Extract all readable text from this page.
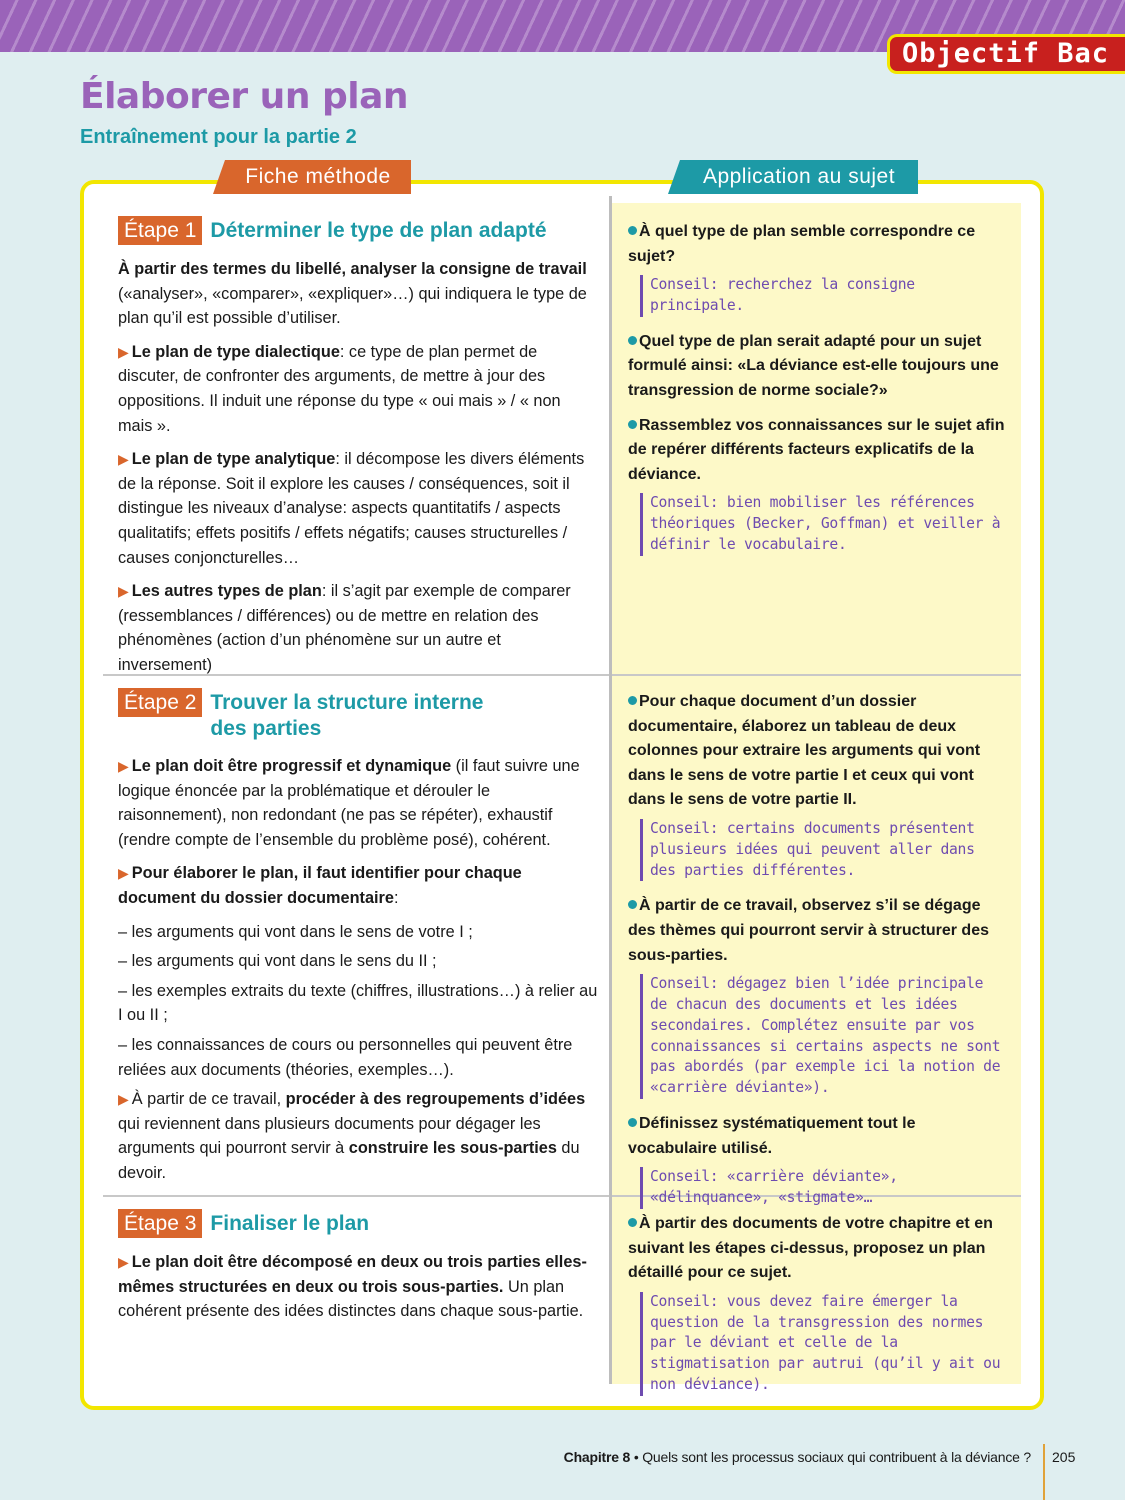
Objectif Bac
Élaborer un plan
Entraînement pour la partie 2
Fiche méthode	Application au sujet
Étape 1 Déterminer le type de plan adapté

À partir des termes du libellé, analyser la consigne de travail («analyser», «comparer», «expliquer»…) qui indiquera le type de plan qu’il est possible d’utiliser.

▶ Le plan de type dialectique: ce type de plan permet de discuter, de confronter des arguments, de mettre à jour des oppositions. Il induit une réponse du type « oui mais » / « non mais ».

▶ Le plan de type analytique: il décompose les divers éléments de la réponse. Soit il explore les causes / conséquences, soit il distingue les niveaux d’analyse: aspects quantitatifs / aspects qualitatifs; effets positifs / effets négatifs; causes structurelles / causes conjoncturelles…

▶ Les autres types de plan: il s’agit par exemple de comparer (ressemblances / différences) ou de mettre en relation des phénomènes (action d’un phénomène sur un autre et inversement)

Étape 2 Trouver la structure interne des parties

▶ Le plan doit être progressif et dynamique (il faut suivre une logique énoncée par la problématique et dérouler le raisonnement), non redondant (ne pas se répéter), exhaustif (rendre compte de l’ensemble du problème posé), cohérent.

▶ Pour élaborer le plan, il faut identifier pour chaque document du dossier documentaire:

– les arguments qui vont dans le sens de votre I ;

– les arguments qui vont dans le sens du II ;

– les exemples extraits du texte (chiffres, illustrations…) à relier au I ou II ;

– les connaissances de cours ou personnelles qui peuvent être reliées aux documents (théories, exemples…).

▶ À partir de ce travail, procéder à des regroupements d’idées qui reviennent dans plusieurs documents pour dégager les arguments qui pourront servir à construire les sous-parties du devoir.

Étape 3 Finaliser le plan

▶ Le plan doit être décomposé en deux ou trois parties elles-mêmes structurées en deux ou trois sous-parties. Un plan cohérent présente des idées distinctes dans chaque sous-partie.

À quel type de plan semble correspondre ce sujet?

Conseil: recherchez la consigne principale.

Quel type de plan serait adapté pour un sujet formulé ainsi: «La déviance est-elle toujours une transgression de norme sociale?»

Rassemblez vos connaissances sur le sujet afin de repérer différents facteurs explicatifs de la déviance.

Conseil: bien mobiliser les références théoriques (Becker, Goffman) et veiller à définir le vocabulaire.

Pour chaque document d’un dossier documentaire, élaborez un tableau de deux colonnes pour extraire les arguments qui vont dans le sens de votre partie I et ceux qui vont dans le sens de votre partie II.

Conseil: certains documents présentent plusieurs idées qui peuvent aller dans des parties différentes.

À partir de ce travail, observez s’il se dégage des thèmes qui pourront servir à structurer des sous-parties.

Conseil: dégagez bien l’idée principale de chacun des documents et les idées secondaires. Complétez ensuite par vos connaissances si certains aspects ne sont pas abordés (par exemple ici la notion de «carrière déviante»).

Définissez systématiquement tout le vocabulaire utilisé.

Conseil: «carrière déviante», «délinquance», «stigmate»…

À partir des documents de votre chapitre et en suivant les étapes ci-dessus, proposez un plan détaillé pour ce sujet.

Conseil: vous devez faire émerger la question de la transgression des normes par le déviant et celle de la stigmatisation par autrui (qu’il y ait ou non déviance).
Chapitre 8 • Quels sont les processus sociaux qui contribuent à la déviance ? 205
